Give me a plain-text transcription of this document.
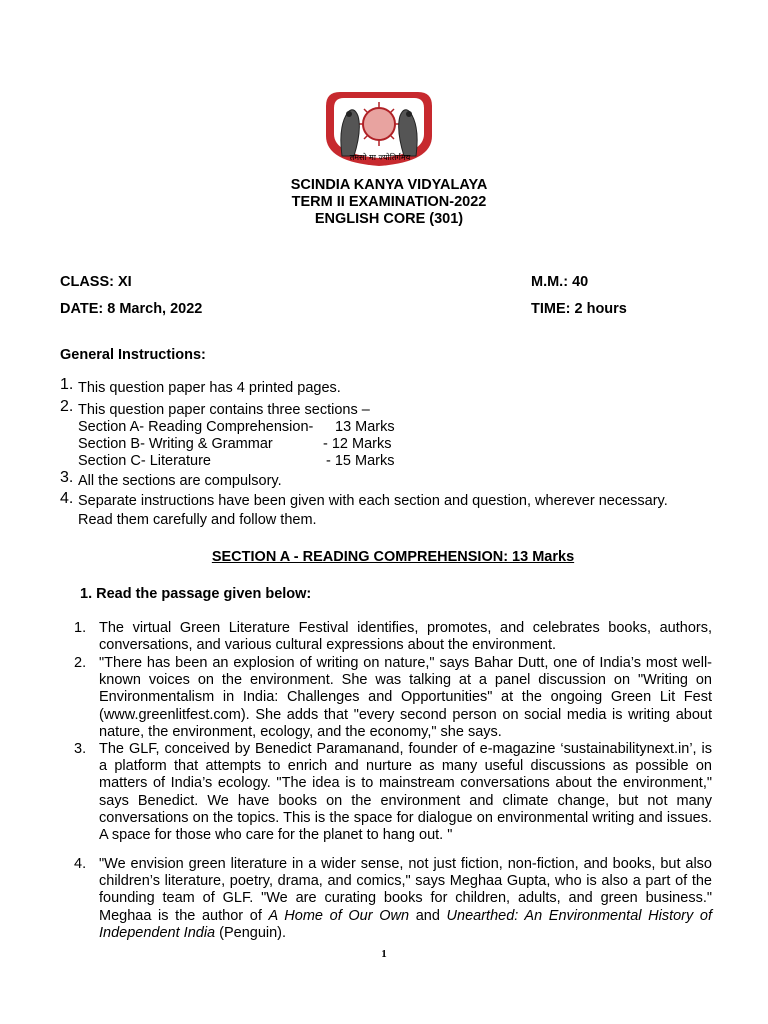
तमसो मा ज्योतिर्गमय
SCINDIA KANYA VIDYALAYA
TERM II EXAMINATION-2022
ENGLISH CORE (301)
CLASS: XI	M.M.: 40
DATE: 8 March, 2022	TIME: 2 hours
General Instructions:
1. This question paper has 4 printed pages.
2. This question paper contains three sections –
Section A- Reading Comprehension- 13 Marks
Section B- Writing & Grammar	- 12 Marks
Section C- Literature	- 15 Marks
3. All the sections are compulsory.
4. Separate instructions have been given with each section and question, wherever necessary.
Read them carefully and follow them.
SECTION A - READING COMPREHENSION: 13 Marks
1. Read the passage given below:
1. The virtual Green Literature Festival identifies, promotes, and celebrates books, authors, conversations, and various cultural expressions about the environment.
2. "There has been an explosion of writing on nature," says Bahar Dutt, one of India’s most well-known voices on the environment. She was talking at a panel discussion on "Writing on Environmentalism in India: Challenges and Opportunities" at the ongoing Green Lit Fest (www.greenlitfest.com). She adds that "every second person on social media is writing about nature, the environment, ecology, and the economy," she says.
3. The GLF, conceived by Benedict Paramanand, founder of e-magazine ‘sustainabilitynext.in’, is a platform that attempts to enrich and nurture as many useful discussions as possible on matters of India’s ecology. "The idea is to mainstream conversations about the environment," says Benedict. We have books on the environment and climate change, but not many conversations on the topics. This is the space for dialogue on environmental writing and issues. A space for those who care for the planet to hang out. "
4. "We envision green literature in a wider sense, not just fiction, non-fiction, and books, but also children’s literature, poetry, drama, and comics," says Meghaa Gupta, who is also a part of the founding team of GLF. "We are curating books for children, adults, and green business." Meghaa is the author of A Home of Our Own and Unearthed: An Environmental History of Independent India (Penguin).
1
